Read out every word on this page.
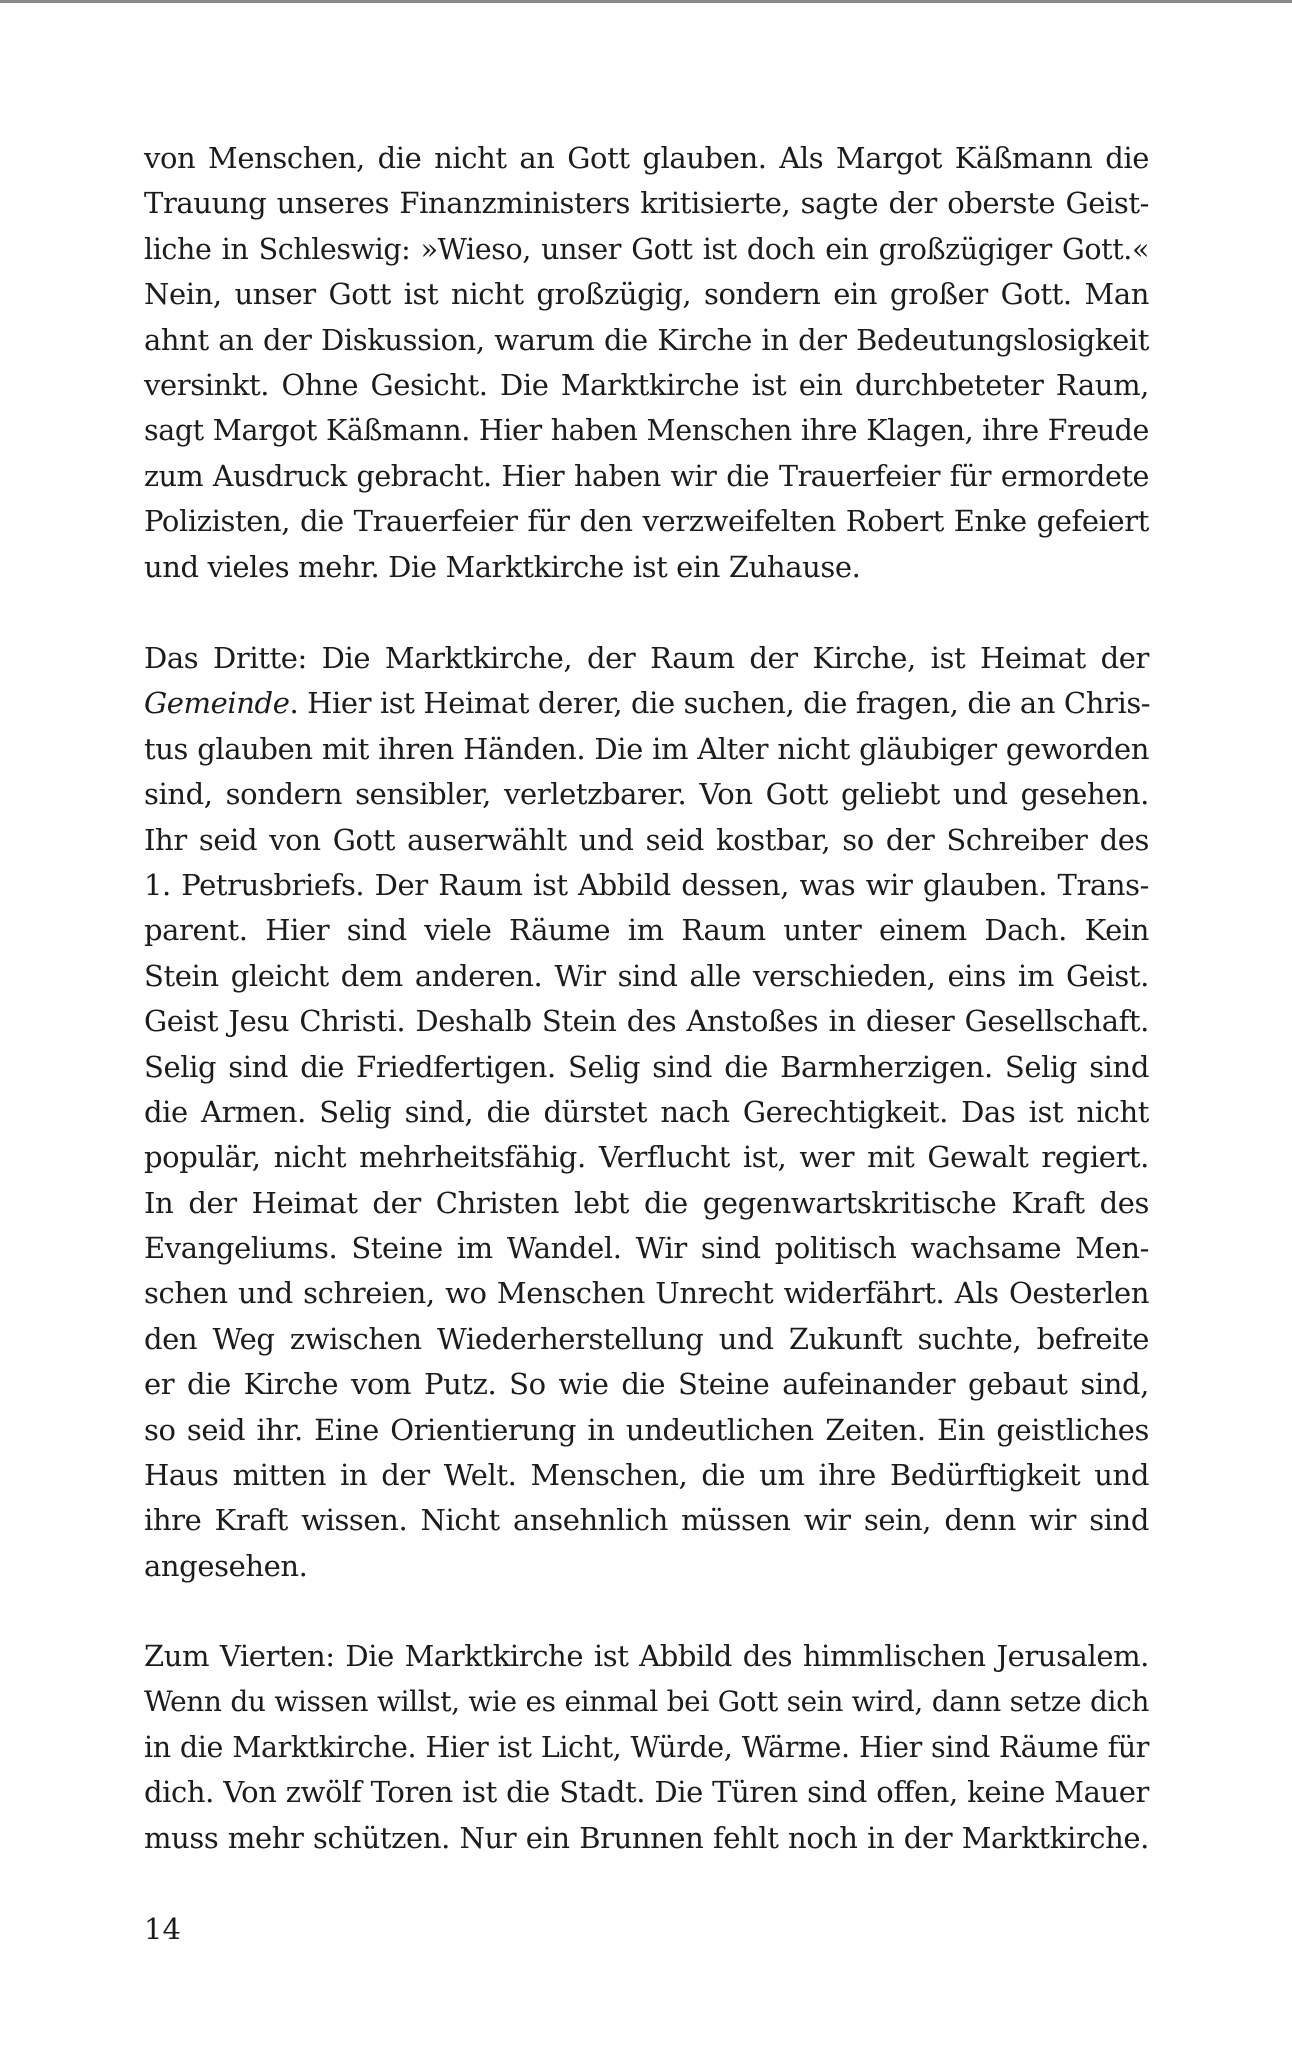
von Menschen, die nicht an Gott glauben. Als Margot Käßmann die
Trauung unseres Finanzministers kritisierte, sagte der oberste Geist-
liche in Schleswig: »Wieso, unser Gott ist doch ein großzügiger Gott.«
Nein, unser Gott ist nicht großzügig, sondern ein großer Gott. Man
ahnt an der Diskussion, warum die Kirche in der Bedeutungslosigkeit
versinkt. Ohne Gesicht. Die Marktkirche ist ein durchbeteter Raum,
sagt Margot Käßmann. Hier haben Menschen ihre Klagen, ihre Freude
zum Ausdruck gebracht. Hier haben wir die Trauerfeier für ermordete
Polizisten, die Trauerfeier für den verzweifelten Robert Enke gefeiert
und vieles mehr. Die Marktkirche ist ein Zuhause.
Das Dritte: Die Marktkirche, der Raum der Kirche, ist Heimat der
Gemeinde. Hier ist Heimat derer, die suchen, die fragen, die an Chris-
tus glauben mit ihren Händen. Die im Alter nicht gläubiger geworden
sind, sondern sensibler, verletzbarer. Von Gott geliebt und gesehen.
Ihr seid von Gott auserwählt und seid kostbar, so der Schreiber des
1. Petrusbriefs. Der Raum ist Abbild dessen, was wir glauben. Trans-
parent. Hier sind viele Räume im Raum unter einem Dach. Kein
Stein gleicht dem anderen. Wir sind alle verschieden, eins im Geist.
Geist Jesu Christi. Deshalb Stein des Anstoßes in dieser Gesellschaft.
Selig sind die Friedfertigen. Selig sind die Barmherzigen. Selig sind
die Armen. Selig sind, die dürstet nach Gerechtigkeit. Das ist nicht
populär, nicht mehrheitsfähig. Verflucht ist, wer mit Gewalt regiert.
In der Heimat der Christen lebt die gegenwartskritische Kraft des
Evangeliums. Steine im Wandel. Wir sind politisch wachsame Men-
schen und schreien, wo Menschen Unrecht widerfährt. Als Oesterlen
den Weg zwischen Wiederherstellung und Zukunft suchte, befreite
er die Kirche vom Putz. So wie die Steine aufeinander gebaut sind,
so seid ihr. Eine Orientierung in undeutlichen Zeiten. Ein geistliches
Haus mitten in der Welt. Menschen, die um ihre Bedürftigkeit und
ihre Kraft wissen. Nicht ansehnlich müssen wir sein, denn wir sind
angesehen.
Zum Vierten: Die Marktkirche ist Abbild des himmlischen Jerusalem.
Wenn du wissen willst, wie es einmal bei Gott sein wird, dann setze dich
in die Marktkirche. Hier ist Licht, Würde, Wärme. Hier sind Räume für
dich. Von zwölf Toren ist die Stadt. Die Türen sind offen, keine Mauer
muss mehr schützen. Nur ein Brunnen fehlt noch in der Marktkirche.
14
